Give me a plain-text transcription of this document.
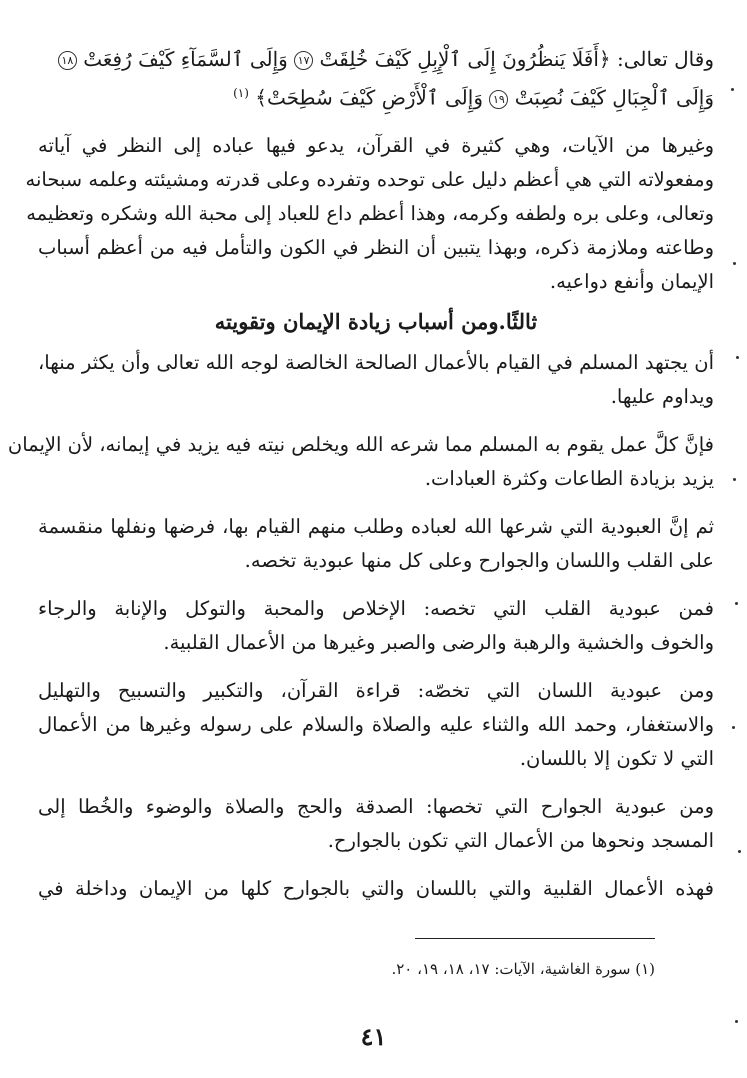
وقال تعالى: ﴿أَفَلَا يَنظُرُونَ إِلَى ٱلْإِبِلِ كَيْفَ خُلِقَتْ ١٧ وَإِلَى ٱلسَّمَآءِ كَيْفَ رُفِعَتْ ١٨
وَإِلَى ٱلْجِبَالِ كَيْفَ نُصِبَتْ ١٩ وَإِلَى ٱلْأَرْضِ كَيْفَ سُطِحَتْ﴾ $^{(١)}$
وغيرها من الآيات، وهي كثيرة في القرآن، يدعو فيها عباده إلى النظر في آياته
ومفعولاته التي هي أعظم دليل على توحده وتفرده وعلى قدرته ومشيئته وعلمه سبحانه
وتعالى، وعلى بره ولطفه وكرمه، وهذا أعظم داع للعباد إلى محبة الله وشكره وتعظيمه
وطاعته وملازمة ذكره، وبهذا يتبين أن النظر في الكون والتأمل فيه من أعظم أسباب
الإيمان وأنفع دواعيه.
ثالثًا.ومن أسباب زيادة الإيمان وتقويته
أن يجتهد المسلم في القيام بالأعمال الصالحة الخالصة لوجه الله تعالى وأن يكثر منها،
ويداوم عليها.
فإنَّ كلَّ عمل يقوم به المسلم مما شرعه الله ويخلص نيته فيه يزيد في إيمانه، لأن الإيمان
يزيد بزيادة الطاعات وكثرة العبادات.
ثم إنَّ العبودية التي شرعها الله لعباده وطلب منهم القيام بها، فرضها ونفلها منقسمة
على القلب واللسان والجوارح وعلى كل منها عبودية تخصه.
فمن عبودية القلب التي تخصه: الإخلاص والمحبة والتوكل والإنابة والرجاء
والخوف والخشية والرهبة والرضى والصبر وغيرها من الأعمال القلبية.
ومن عبودية اللسان التي تخصّه: قراءة القرآن، والتكبير والتسبيح والتهليل
والاستغفار، وحمد الله والثناء عليه والصلاة والسلام على رسوله وغيرها من الأعمال
التي لا تكون إلا باللسان.
ومن عبودية الجوارح التي تخصها: الصدقة والحج والصلاة والوضوء والخُطا إلى
المسجد ونحوها من الأعمال التي تكون بالجوارح.
فهذه الأعمال القلبية والتي باللسان والتي بالجوارح كلها من الإيمان وداخلة في
(١) سورة الغاشية، الآيات: ١٧، ١٨، ١٩، ٢٠.
٤١
